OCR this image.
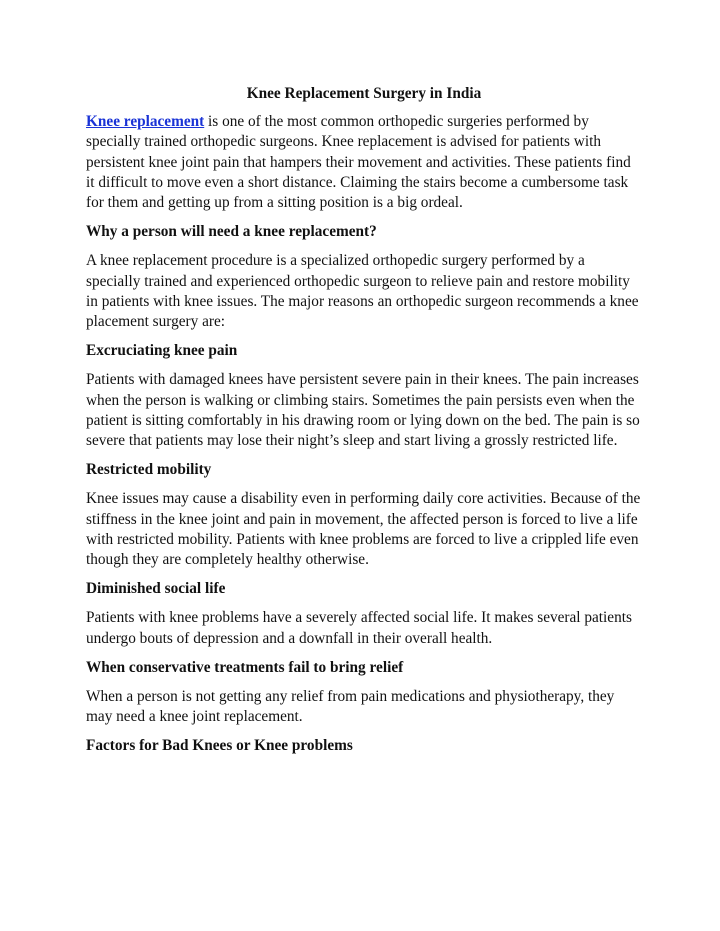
Knee Replacement Surgery in India

Knee replacement is one of the most common orthopedic surgeries performed by specially trained orthopedic surgeons. Knee replacement is advised for patients with persistent knee joint pain that hampers their movement and activities. These patients find it difficult to move even a short distance. Claiming the stairs become a cumbersome task for them and getting up from a sitting position is a big ordeal.

Why a person will need a knee replacement?

A knee replacement procedure is a specialized orthopedic surgery performed by a specially trained and experienced orthopedic surgeon to relieve pain and restore mobility in patients with knee issues. The major reasons an orthopedic surgeon recommends a knee placement surgery are:

Excruciating knee pain

Patients with damaged knees have persistent severe pain in their knees. The pain increases when the person is walking or climbing stairs. Sometimes the pain persists even when the patient is sitting comfortably in his drawing room or lying down on the bed. The pain is so severe that patients may lose their night’s sleep and start living a grossly restricted life.

Restricted mobility

Knee issues may cause a disability even in performing daily core activities. Because of the stiffness in the knee joint and pain in movement, the affected person is forced to live a life with restricted mobility. Patients with knee problems are forced to live a crippled life even though they are completely healthy otherwise.

Diminished social life

Patients with knee problems have a severely affected social life. It makes several patients undergo bouts of depression and a downfall in their overall health.

When conservative treatments fail to bring relief

When a person is not getting any relief from pain medications and physiotherapy, they may need a knee joint replacement.

Factors for Bad Knees or Knee problems
